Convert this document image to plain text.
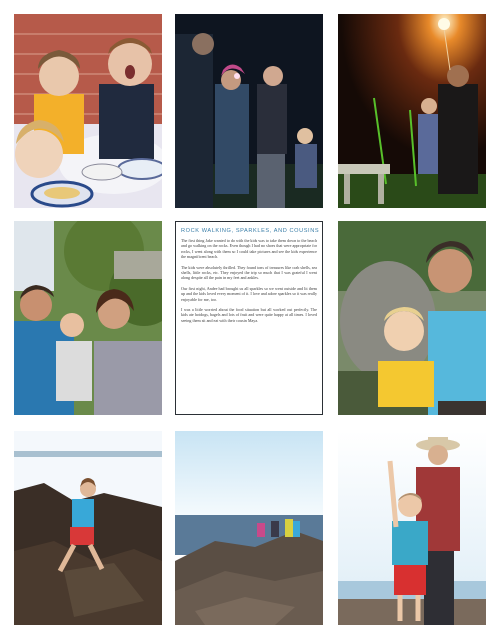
ROCK WALKING, SPARKLES, AND COUSINS

The first thing Jake wanted to do with the kids was to take them down to the beach and go walking on the rocks. Even though I had no shoes that were appropriate for rocks, I went along with them so I could take pictures and see the kids experience the magnificent beach.

The kids were absolutely thrilled. They found tons of treasures like crab shells, sea shells, little rocks, etc. They enjoyed the trip so much that I was grateful I went along despite all the pain in my feet and ankles.

Our first night, Andee had brought us all sparkles so we went outside and lit them up and the kids loved every moment of it. I love and adore sparkles so it was really enjoyable for me, too.

I was a little worried about the food situation but all worked out perfectly. The kids ate hotdogs, bagels and lots of fruit and were quite happy at all times. I loved seeing them sit and eat with their cousin Maya.
